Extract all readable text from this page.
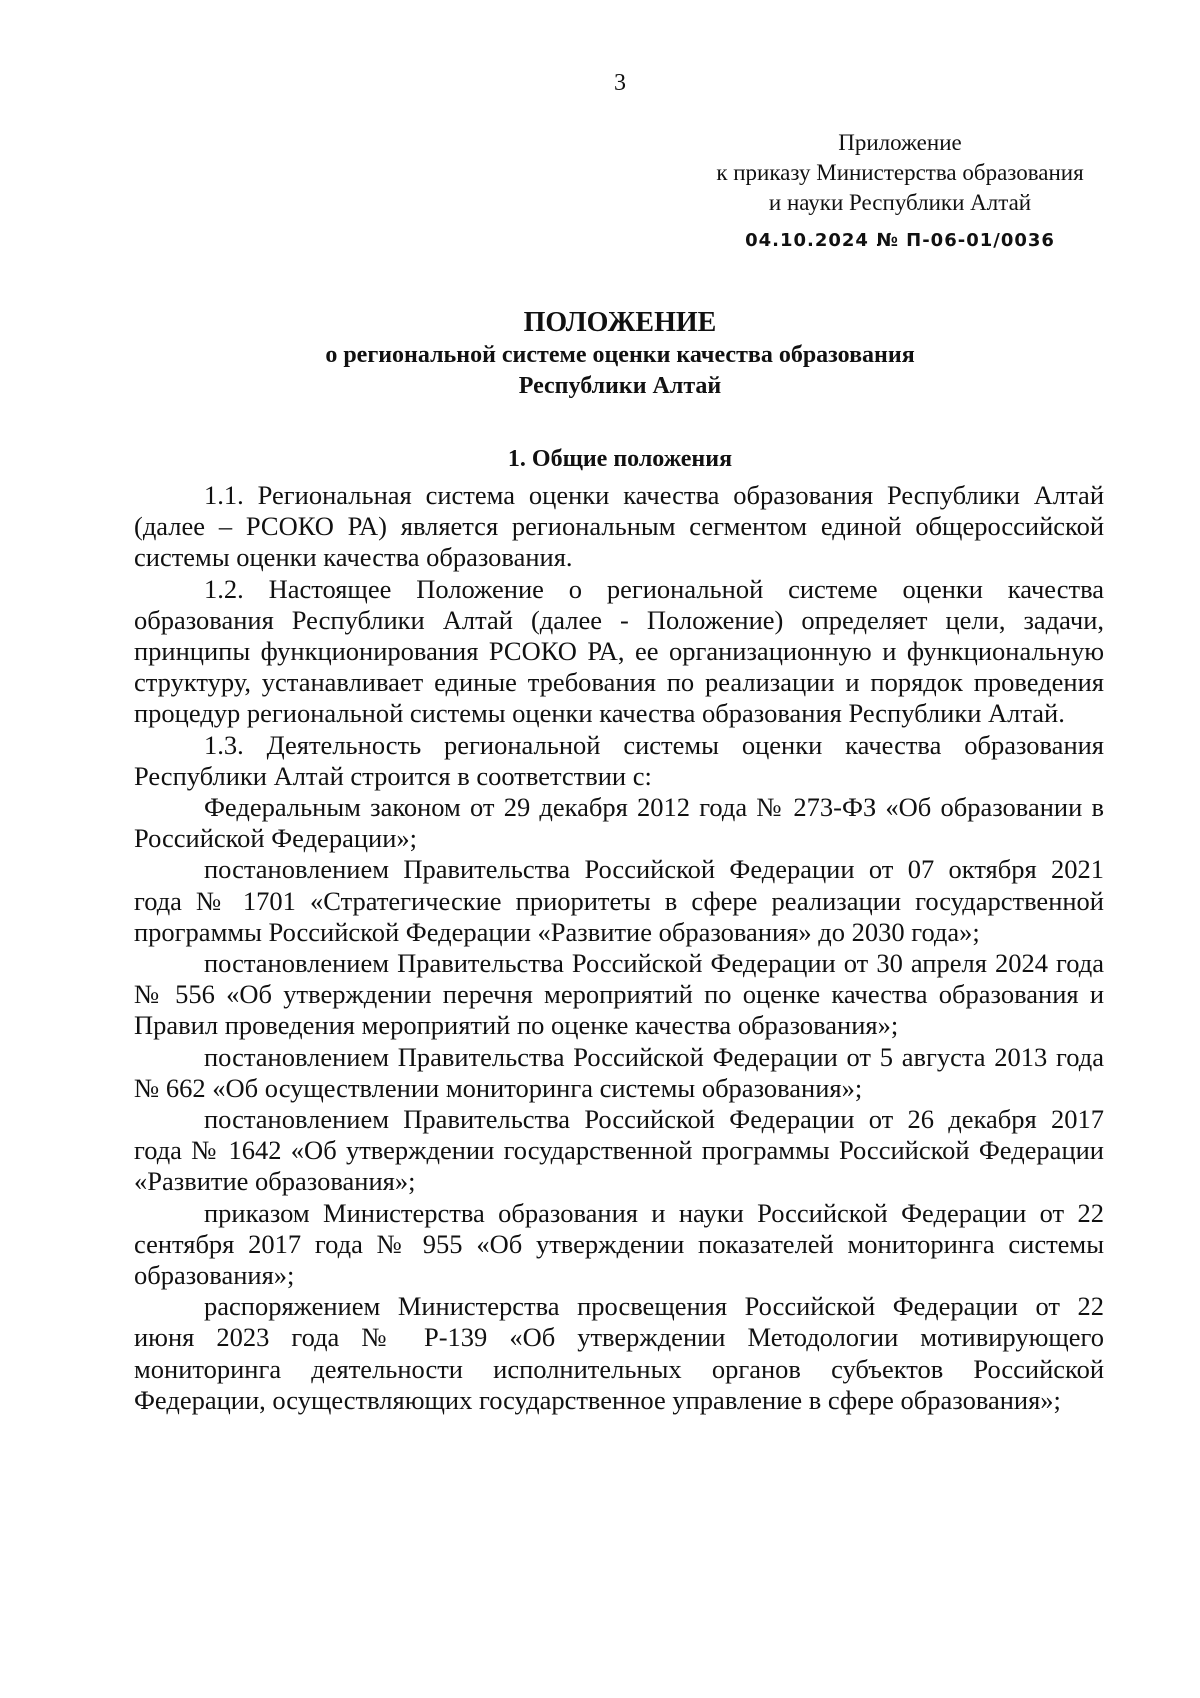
3
Приложение
к приказу Министерства образования
и науки Республики Алтай
04.10.2024 № П-06-01/0036
ПОЛОЖЕНИЕ
о региональной системе оценки качества образования
Республики Алтай
1. Общие положения

1.1. Региональная система оценки качества образования Республики Алтай (далее – РСОКО РА) является региональным сегментом единой общероссийской системы оценки качества образования.

1.2. Настоящее Положение о региональной системе оценки качества образования Республики Алтай (далее - Положение) определяет цели, задачи, принципы функционирования РСОКО РА, ее организационную и функциональную структуру, устанавливает единые требования по реализации и порядок проведения процедур региональной системы оценки качества образования Республики Алтай.

1.3. Деятельность региональной системы оценки качества образования Республики Алтай строится в соответствии с:

Федеральным законом от 29 декабря 2012 года № 273-ФЗ «Об образовании в Российской Федерации»;

постановлением Правительства Российской Федерации от 07 октября 2021 года № 1701 «Стратегические приоритеты в сфере реализации государственной программы Российской Федерации «Развитие образования» до 2030 года»;

постановлением Правительства Российской Федерации от 30 апреля 2024 года № 556 «Об утверждении перечня мероприятий по оценке качества образования и Правил проведения мероприятий по оценке качества образования»;

постановлением Правительства Российской Федерации от 5 августа 2013 года № 662 «Об осуществлении мониторинга системы образования»;

постановлением Правительства Российской Федерации от 26 декабря 2017 года № 1642 «Об утверждении государственной программы Российской Федерации «Развитие образования»;

приказом Министерства образования и науки Российской Федерации от 22 сентября 2017 года № 955 «Об утверждении показателей мониторинга системы образования»;

распоряжением Министерства просвещения Российской Федерации от 22 июня 2023 года № Р-139 «Об утверждении Методологии мотивирующего мониторинга деятельности исполнительных органов субъектов Российской Федерации, осуществляющих государственное управление в сфере образования»;
